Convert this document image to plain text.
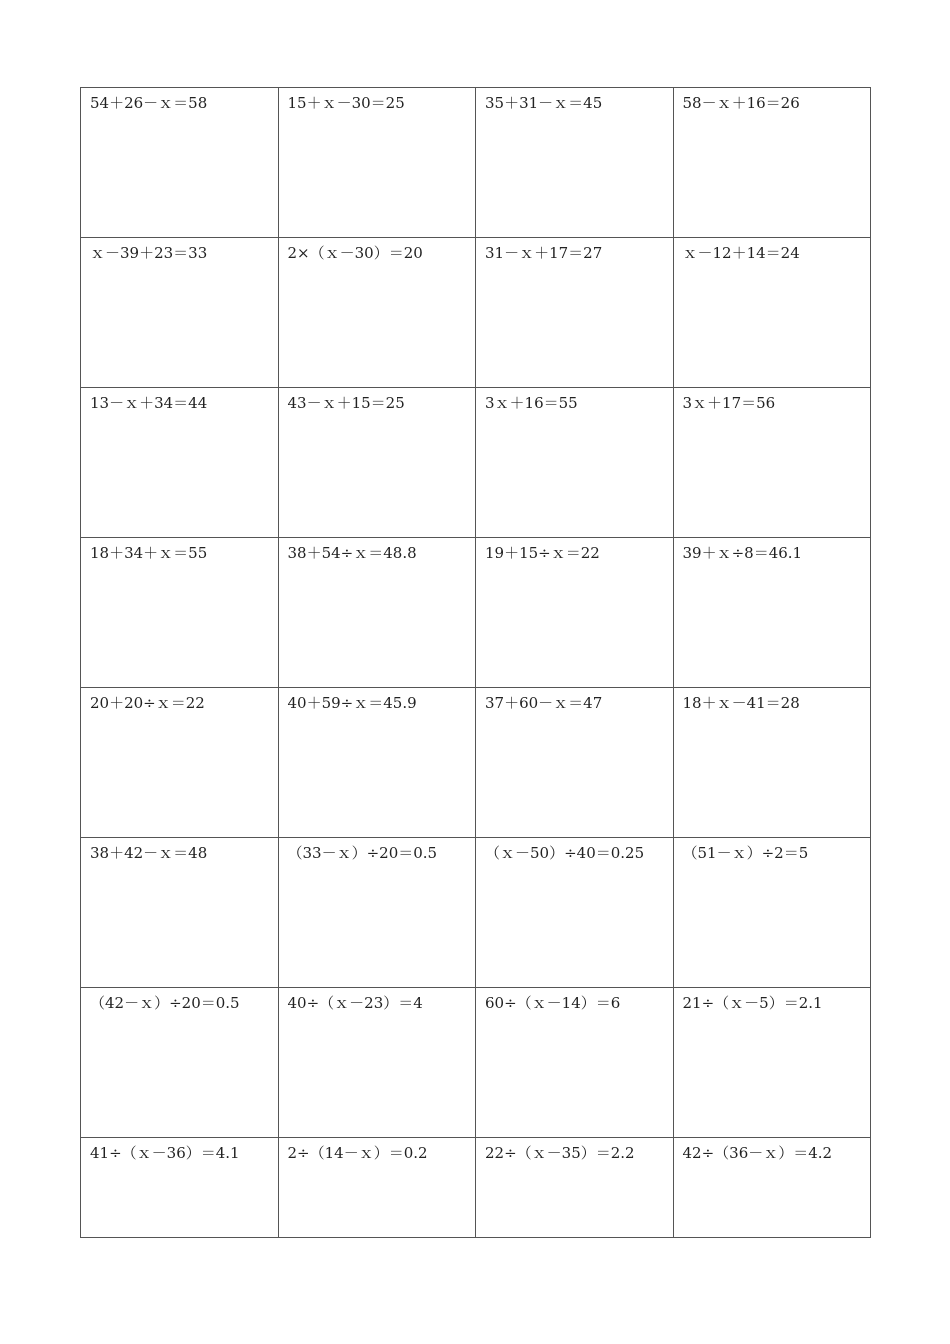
54＋26－ｘ＝58	15＋ｘ－30＝25	35＋31－ｘ＝45	58－ｘ＋16＝26
ｘ－39＋23＝33	2×（ｘ－30）＝20	31－ｘ＋17＝27	ｘ－12＋14＝24
13－ｘ＋34＝44	43－ｘ＋15＝25	3ｘ＋16＝55	3ｘ＋17＝56
18＋34＋ｘ＝55	38＋54÷ｘ＝48.8	19＋15÷ｘ＝22	39＋ｘ÷8＝46.1
20＋20÷ｘ＝22	40＋59÷ｘ＝45.9	37＋60－ｘ＝47	18＋ｘ－41＝28
38＋42－ｘ＝48	（33－ｘ）÷20＝0.5	（ｘ－50）÷40＝0.25	（51－ｘ）÷2＝5
（42－ｘ）÷20＝0.5	40÷（ｘ－23）＝4	60÷（ｘ－14）＝6	21÷（ｘ－5）＝2.1
41÷（ｘ－36）＝4.1	2÷（14－ｘ）＝0.2	22÷（ｘ－35）＝2.2	42÷（36－ｘ）＝4.2
